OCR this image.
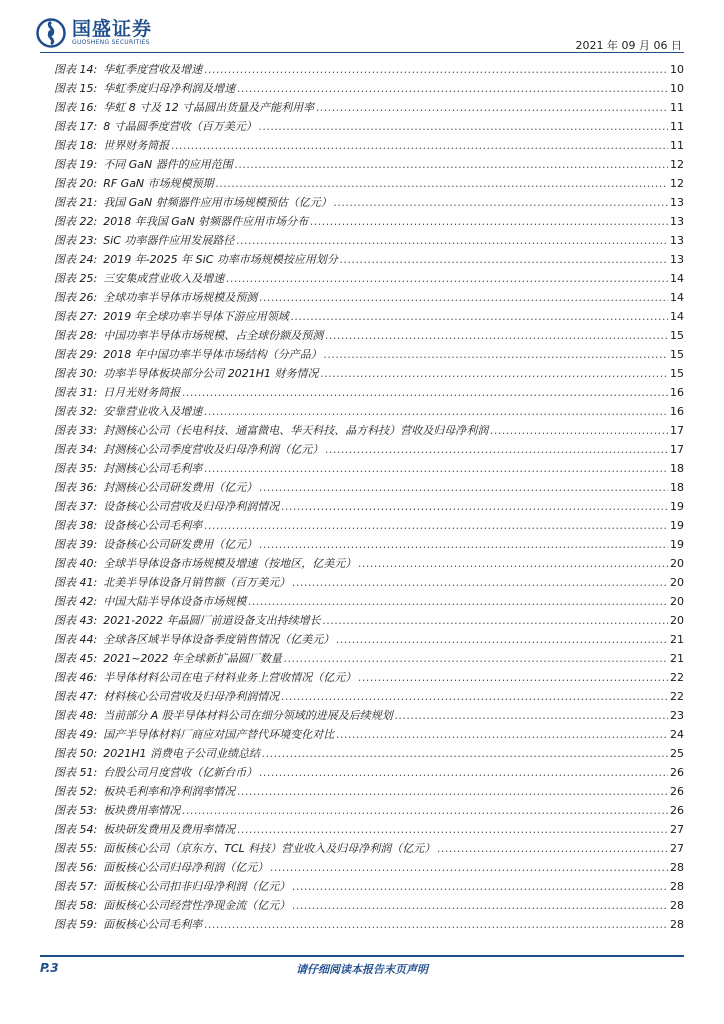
国盛证券
GUOSHENG SECURITIES	2021 年 09 月 06 日
图表 14: 华虹季度营收及增速 .....	10
图表 15: 华虹季度归母净利润及增速 .....	10
图表 16: 华虹 8 寸及 12 寸晶圆出货量及产能利用率 .....	11
图表 17: 8 寸晶圆季度营收（百万美元） .....	11
图表 18: 世界财务简报 .....	11
图表 19: 不同 GaN 器件的应用范围 .....	12
图表 20: RF GaN 市场规模预期 .....	12
图表 21: 我国 GaN 射频器件应用市场规模预估（亿元） .....	13
图表 22: 2018 年我国 GaN 射频器件应用市场分布 .....	13
图表 23: SiC 功率器件应用发展路径 .....	13
图表 24: 2019 年-2025 年 SiC 功率市场规模按应用划分 .....	13
图表 25: 三安集成营业收入及增速 .....	14
图表 26: 全球功率半导体市场规模及预测 .....	14
图表 27: 2019 年全球功率半导体下游应用领域 .....	14
图表 28: 中国功率半导体市场规模、占全球份额及预测 .....	15
图表 29: 2018 年中国功率半导体市场结构（分产品） .....	15
图表 30: 功率半导体板块部分公司 2021H1 财务情况 .....	15
图表 31: 日月光财务简报 .....	16
图表 32: 安靠营业收入及增速 .....	16
图表 33: 封测核心公司（长电科技、通富微电、华天科技、晶方科技）营收及归母净利润 .....	17
图表 34: 封测核心公司季度营收及归母净利润（亿元） .....	17
图表 35: 封测核心公司毛利率 .....	18
图表 36: 封测核心公司研发费用（亿元） .....	18
图表 37: 设备核心公司营收及归母净利润情况 .....	19
图表 38: 设备核心公司毛利率 .....	19
图表 39: 设备核心公司研发费用（亿元） .....	19
图表 40: 全球半导体设备市场规模及增速（按地区，亿美元） .....	20
图表 41: 北美半导体设备月销售额（百万美元） .....	20
图表 42: 中国大陆半导体设备市场规模 .....	20
图表 43: 2021-2022 年晶圆厂前道设备支出持续增长 .....	20
图表 44: 全球各区域半导体设备季度销售情况（亿美元） .....	21
图表 45: 2021~2022 年全球新扩晶圆厂数量 .....	21
图表 46: 半导体材料公司在电子材料业务上营收情况（亿元） .....	22
图表 47: 材料核心公司营收及归母净利润情况 .....	22
图表 48: 当前部分 A 股半导体材料公司在细分领域的进展及后续规划 .....	23
图表 49: 国产半导体材料厂商应对国产替代环境变化对比 .....	24
图表 50: 2021H1 消费电子公司业绩总结 .....	25
图表 51: 台股公司月度营收（亿新台币） .....	26
图表 52: 板块毛利率和净利润率情况 .....	26
图表 53: 板块费用率情况 .....	26
图表 54: 板块研发费用及费用率情况 .....	27
图表 55: 面板核心公司（京东方、TCL 科技）营业收入及归母净利润（亿元） .....	27
图表 56: 面板核心公司归母净利润（亿元） .....	28
图表 57: 面板核心公司扣非归母净利润（亿元） .....	28
图表 58: 面板核心公司经营性净现金流（亿元） .....	28
图表 59: 面板核心公司毛利率 .....	28
P.3	请仔细阅读本报告末页声明
